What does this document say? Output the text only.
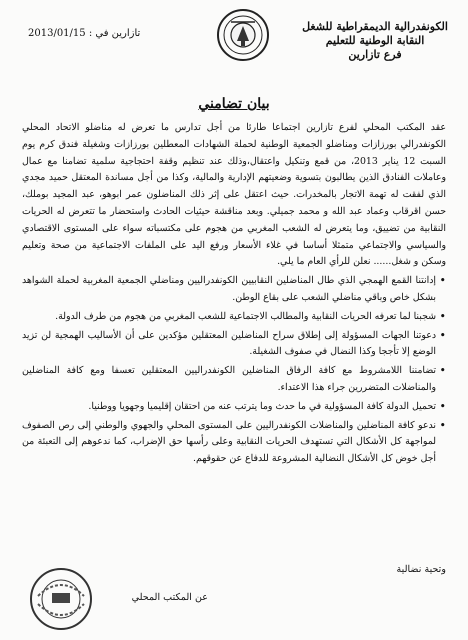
الكونفدرالية الديمقراطية للشغل
النقابة الوطنية للتعليم
فرع تازارين
تازارين في : 2013/01/15
بيان تضامني

عقد المكتب المحلي لفرع تازارين اجتماعا طارئا من أجل تدارس ما تعرض له مناضلو الاتحاد المحلي الكونفدرالي بورزازات ومناضلو الجمعية الوطنية لحملة الشهادات المعطلين بورزازات وشغيلة فندق كرم يوم السبت 12 يناير 2013، من قمع وتنكيل واعتقال،وذلك عند تنظيم وقفة احتجاجية سلمية تضامنا مع عمال وعاملات الفنادق الذين يطالبون بتسوية وضعيتهم الإدارية والمالية، وكذا من أجل مساندة المعتقل حميد مجدي الذي لفقت له تهمة الاتجار بالمخدرات. حيث اعتقل على إثر ذلك المناضلون عمر ابوهو، عبد المجيد بوملك، حسن اقرقاب وعماد عبد الله و محمد جميلي. وبعد مناقشة حيثيات الحادث واستحضار ما تتعرض له الحريات النقابية من تضييق، وما يتعرض له الشعب المغربي من هجوم على مكتسباته سواء على المستوى الاقتصادي والسياسي والاجتماعي متمثلا أساسا في غلاء الأسعار ورفع اليد على الملفات الاجتماعية من صحة وتعليم وسكن و شغل...... نعلن للرأي العام ما يلي.

• إدانتنا القمع الهمجي الذي طال المناضلين النقابيين الكونفدراليين ومناضلي الجمعية المغربية لحملة الشواهد بشكل خاص وباقي مناضلي الشعب على بقاع الوطن.
• شجبنا لما تعرفه الحريات النقابية والمطالب الاجتماعية للشعب المغربي من هجوم من طرف الدولة.
• دعوتنا الجهات المسؤولة إلى إطلاق سراح المناضلين المعتقلين مؤكدين على أن الأساليب الهمجية لن تزيد الوضع إلا تأججا وكذا النضال في صفوف الشغيلة.
• تضامننا اللامشروط مع كافة الرفاق المناضلين الكونفدراليين المعتقلين تعسفا ومع كافة المناضلين والمناضلات المتضررين جراء هذا الاعتداء.
• تحميل الدولة كافة المسؤولية في ما حدث وما يترتب عنه من احتقان إقليميا وجهويا ووطنيا.
• ندعو كافة المناضلين والمناضلات الكونفدراليين على المستوى المحلي والجهوي والوطني إلى رص الصفوف لمواجهة كل الأشكال التي تستهدف الحريات النقابية وعلى رأسها حق الإضراب، كما ندعوهم إلى التعبئة من أجل خوض كل الأشكال النضالية المشروعة للدفاع عن حقوقهم.
وتحية نضالية
عن المكتب المحلي
